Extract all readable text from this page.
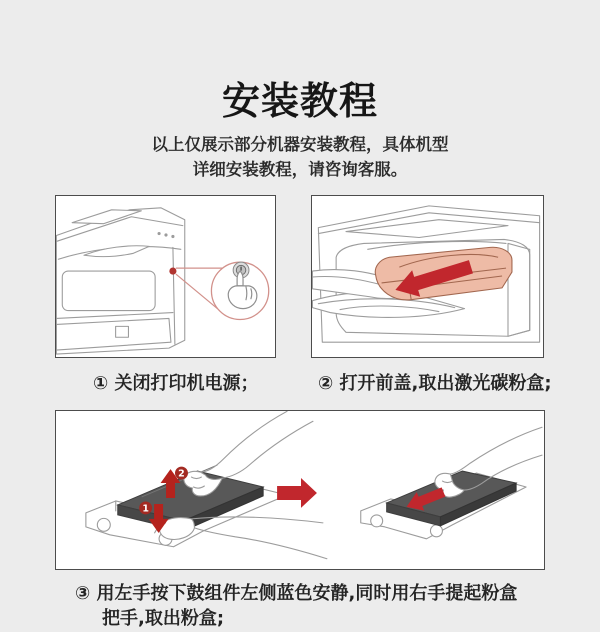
安装教程

以上仅展示部分机器安装教程，具体机型

详细安装教程，请咨询客服。

① 关闭打印机电源；	② 打开前盖,取出激光碳粉盒;

2
1
③ 用左手按下鼓组件左侧蓝色安静,同时用右手提起粉盒
把手,取出粉盒;
